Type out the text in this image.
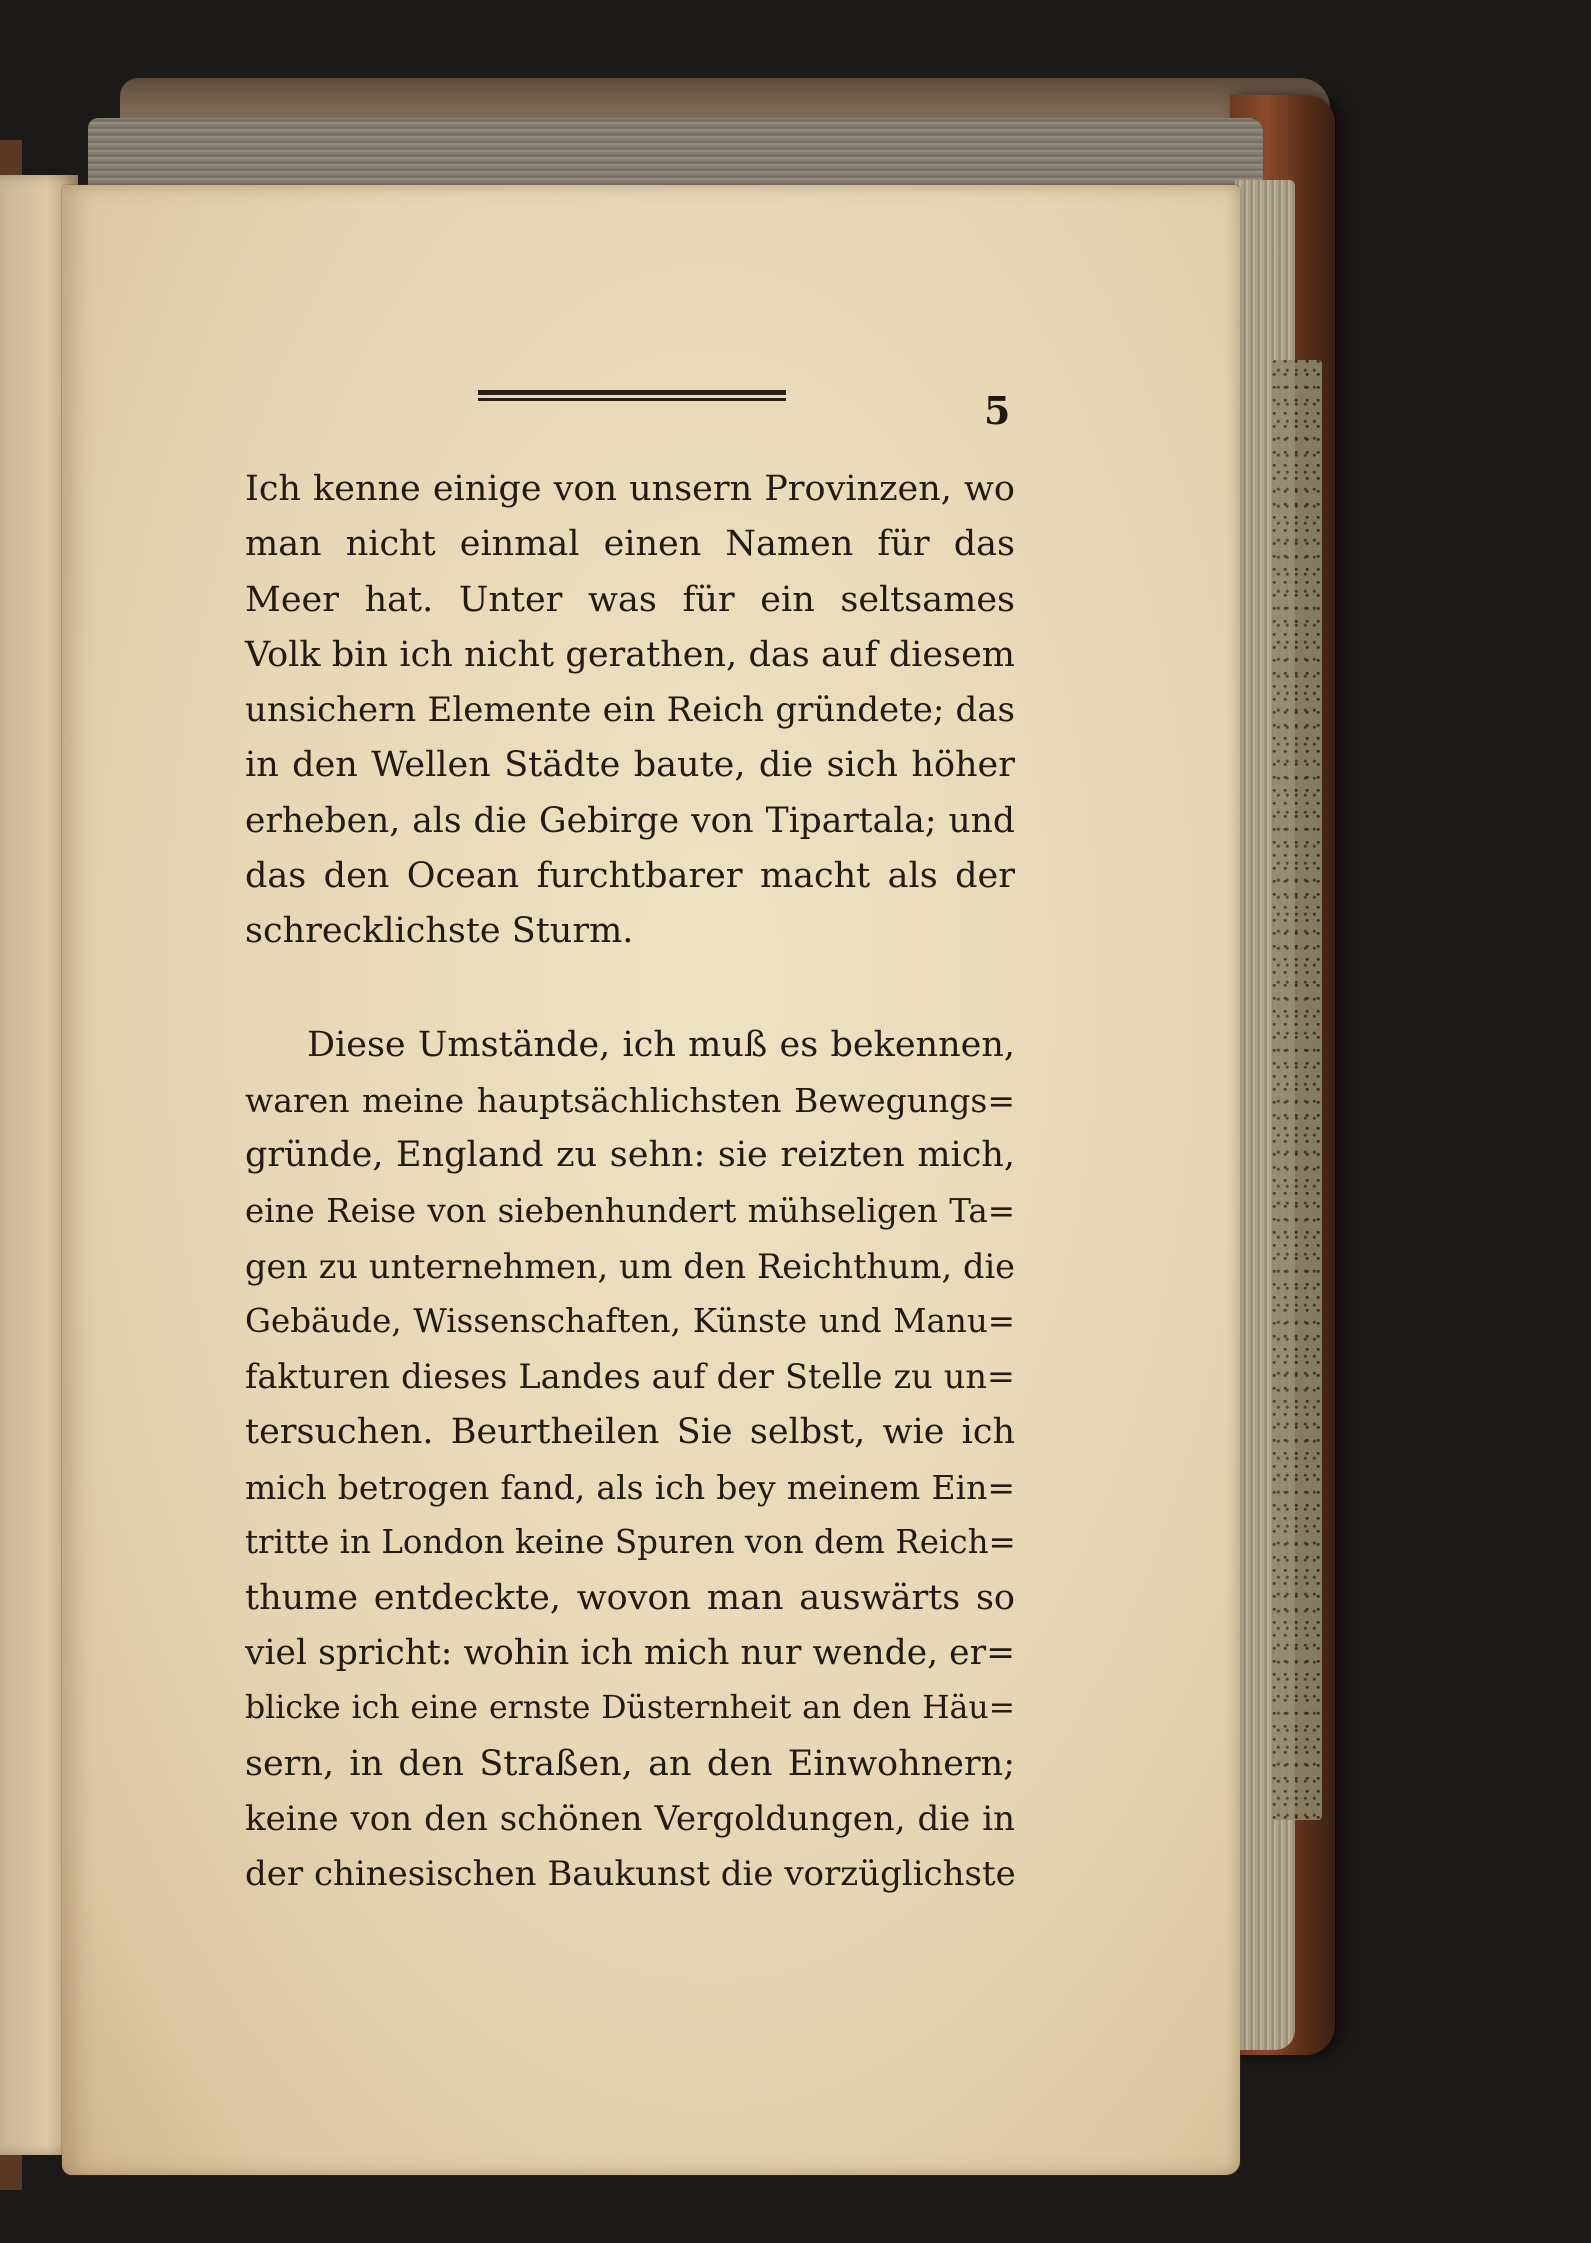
5
Ich kenne einige von unsern Provinzen, wo
man nicht einmal einen Namen für das
Meer hat. Unter was für ein seltsames
Volk bin ich nicht gerathen, das auf diesem
unsichern Elemente ein Reich gründete; das
in den Wellen Städte baute, die sich höher
erheben, als die Gebirge von Tipartala; und
das den Ocean furchtbarer macht als der
schrecklichste Sturm.
Diese Umstände, ich muß es bekennen,
waren meine hauptsächlichsten Bewegungs=
gründe, England zu sehn: sie reizten mich,
eine Reise von siebenhundert mühseligen Ta=
gen zu unternehmen, um den Reichthum, die
Gebäude, Wissenschaften, Künste und Manu=
fakturen dieses Landes auf der Stelle zu un=
tersuchen. Beurtheilen Sie selbst, wie ich
mich betrogen fand, als ich bey meinem Ein=
tritte in London keine Spuren von dem Reich=
thume entdeckte, wovon man auswärts so
viel spricht: wohin ich mich nur wende, er=
blicke ich eine ernste Düsternheit an den Häu=
sern, in den Straßen, an den Einwohnern;
keine von den schönen Vergoldungen, die in
der chinesischen Baukunst die vorzüglichste
